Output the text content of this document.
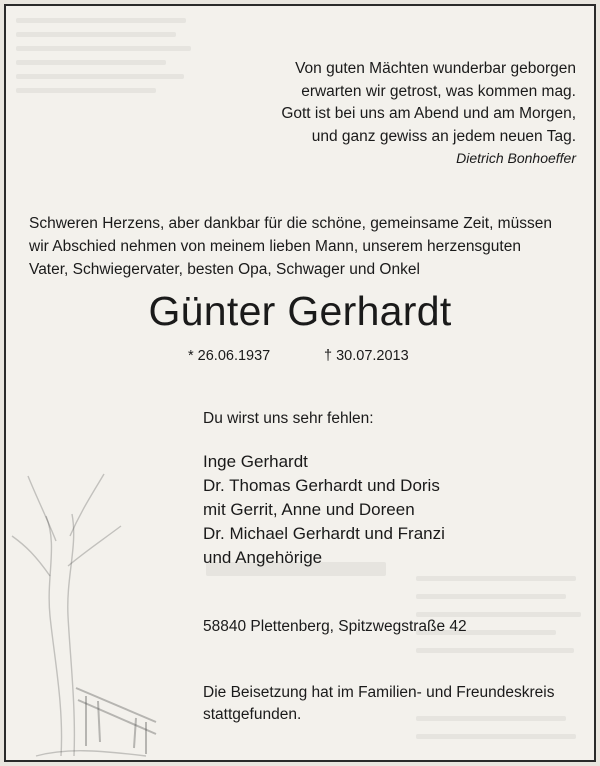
Von guten Mächten wunderbar geborgen
erwarten wir getrost, was kommen mag.
Gott ist bei uns am Abend und am Morgen,
und ganz gewiss an jedem neuen Tag.
Dietrich Bonhoeffer
Schweren Herzens, aber dankbar für die schöne, gemeinsame Zeit, müssen
wir Abschied nehmen von meinem lieben Mann, unserem herzensguten
Vater, Schwiegervater, besten Opa, Schwager und Onkel
Günter Gerhardt
* 26.06.1937	† 30.07.2013
Du wirst uns sehr fehlen:
Inge Gerhardt
Dr. Thomas Gerhardt und Doris
mit Gerrit, Anne und Doreen
Dr. Michael Gerhardt und Franzi
und Angehörige
58840 Plettenberg, Spitzwegstraße 42
Die Beisetzung hat im Familien- und Freundeskreis
stattgefunden.
